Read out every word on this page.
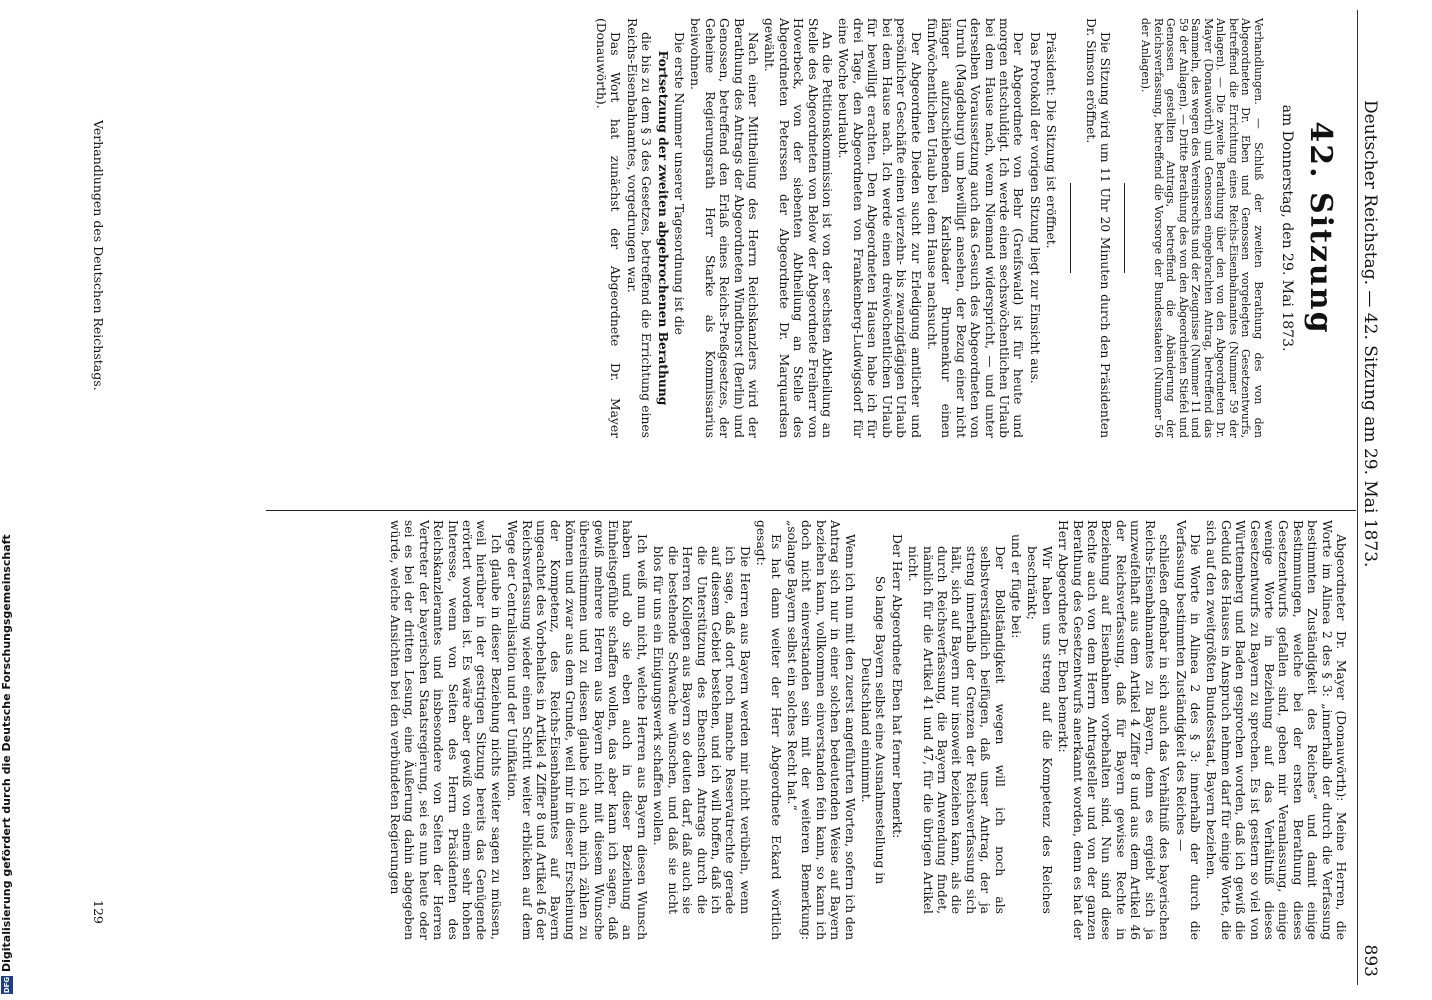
Deutscher Reichstag. — 42. Sitzung am 29. Mai 1873.
893
42. Sitzung
am Donnerstag, den 29. Mai 1873.

Verhandlungen. — Schluß der zweiten Berathung des von den Abgeordneten Dr. Eben und Genossen vorgelegten Gesetzentwurfs, betreffend die Errichtung eines Reichs-Eisenbahnamtes (Nummer 59 der Anlagen). — Die zweite Berathung über den von den Abgeordneten Dr. Mayer (Donauwörth) und Genossen eingebrachten Antrag, betreffend das Sammeln, des wegen des Vereinsrechts und der Zeugnisse (Nummer 11 und 59 der Anlagen). — Dritte Berathung des von den Abgeordneten Stiefel und Genossen gestellten Antrags, betreffend die Abänderung der Reichsverfassung, betreffend die Vorsorge der Bundesstaaten (Nummer 56 der Anlagen).

Die Sitzung wird um 11 Uhr 20 Minuten durch den Präsidenten Dr. Simson eröffnet.

Präsident: Die Sitzung ist eröffnet.

Das Protokoll der vorigen Sitzung liegt zur Einsicht aus.

Der Abgeordnete von Behr (Greifswald) ist für heute und morgen entschuldigt. Ich werde einen sechswöchentlichen Urlaub bei dem Hause nach, wenn Niemand widerspricht, — und unter derselben Voraussetzung auch das Gesuch des Abgeordneten von Unruh (Magdeburg) um bewilligt ansehen, der Bezug einer nicht länger aufzuschiebenden Karlsbader Brunnenkur einen fünfwöchentlichen Urlaub bei dem Hause nachsucht.

Der Abgeordnete Dieden sucht zur Erledigung amtlicher und persönlicher Geschäfte einen vierzehn- bis zwanzigtägigen Urlaub bei dem Hause nach. Ich werde einen dreiwöchentlichen Urlaub für bewilligt erachten. Den Abgeordneten Hausen habe ich für drei Tage, den Abgeordneten von Frankenberg-Ludwigsdorf für eine Woche beurlaubt.

An die Petitionskommission ist von der sechsten Abtheilung an Stelle des Abgeordneten von Below der Abgeordnete Freiherr von Hoverbeck, von der siebenten Abtheilung an Stelle des Abgeordneten Peterssen der Abgeordnete Dr. Marquardsen gewählt.

Nach einer Mittheilung des Herrn Reichskanzlers wird der Berathung des Antrags der Abgeordneten Windthorst (Berlin) und Genossen, betreffend den Erlaß eines Reichs-Preßgesetzes, der Geheime Regierungsrath Herr Starke als Kommissarius beiwohnen.

Die erste Nummer unserer Tagesordnung ist die

Fortsetzung der zweiten abgebrochenen Berathung

die bis zu dem § 3 des Gesetzes, betreffend die Errichtung eines Reichs-Eisenbahnamtes, vorgedrungen war.

Das Wort hat zunächst der Abgeordnete Dr. Mayer (Donauwörth).

Abgeordneter Dr. Mayer (Donauwörth): Meine Herren, die Worte im Alinea 2 des § 3: „innerhalb der durch die Verfassung bestimmten Zuständigkeit des Reiches“ und damit einige Bestimmungen, welche bei der ersten Berathung dieses Gesetzentwurfs gefallen sind, geben mir Veranlassung, einige wenige Worte in Beziehung auf das Verhältniß dieses Gesetzentwurfs zu Bayern zu sprechen. Es ist gestern so viel von Württemberg und Baden gesprochen worden, daß ich gewiß die Geduld des Hauses in Anspruch nehmen darf für einige Worte, die sich auf den zweitgrößten Bundesstaat, Bayern beziehen.

Die Worte in Alinea 2 des § 3: innerhalb der durch die Verfassung bestimmten Zuständigkeit des Reiches —

schließen offenbar in sich auch das Verhältniß des bayerischen Reichs-Eisenbahnamtes zu Bayern, denn es ergiebt sich ja unzweifelhaft aus dem Artikel 4 Ziffer 8 und aus dem Artikel 46 der Reichsverfassung, daß für Bayern gewisse Rechte in Beziehung auf Eisenbahnen vorbehalten sind. Nun sind diese Rechte auch von dem Herrn Antragsteller und von der ganzen Berathung des Gesetzentwurfs anerkannt worden, denn es hat der Herr Abgeordnete Dr. Eben bemerkt:

Wir haben uns streng auf die Kompetenz des Reiches beschränkt;

und er fügte bei:

Der Bollständigkeit wegen will ich noch als selbstverständlich beifügen, daß unser Antrag, der ja streng innerhalb der Grenzen der Reichsverfassung sich hält, sich auf Bayern nur insoweit beziehen kann, als die durch Reichsverfassung, die Bayern Anwendung findet, nämlich für die Artikel 41 und 47, für die übrigen Artikel nicht.

Der Herr Abgeordnete Eben hat ferner bemerkt:

So lange Bayern selbst eine Ausnahmestellung in Deutschland einnimmt.

Wenn ich nun mit den zuerst angeführten Worten, sofern ich den Antrag sich nur in einer solchen bedeutenden Weise auf Bayern beziehen kann, vollkommen einverstanden fein kann, so kann ich doch nicht einverstanden sein mit der weiteren Bemerkung: „solange Bayern selbst ein solches Recht hat.“

Es hat dann weiter der Herr Abgeordnete Eckard wörtlich gesagt:

Die Herren aus Bayern werden mir nicht verübeln, wenn ich sage, daß dort noch manche Reservatrechte gerade auf diesem Gebiet bestehen, und ich will hoffen, daß ich die Unterstützung des Ebenschen Antrags durch die Herren Kollegen aus Bayern so deuten darf, daß auch sie die bestehende Schwache wünschen, und daß sie nicht blos für uns ein Einigungswerk schaffen wollen.

Ich weiß nun nicht, welche Herren aus Bayern diesen Wunsch haben und ob sie eben auch in dieser Beziehung an Einheitsgefühle schaffen wollen, das aber kann ich sagen, daß gewiß mehrere Herren aus Bayern nicht mit diesem Wunsche übereinstimmen und zu diesen glaube ich auch mich zählen zu können und zwar aus dem Grunde, weil mir in dieser Erscheinung der Kompetenz, des Reichs-Eisenbahnamtes auf Bayern ungeachtet des Vorbehaltes in Artikel 4 Ziffer 8 und Artikel 46 der Reichsverfassung wieder einen Schritt weiter erblicken auf dem Wege der Centralisation und der Unifikation.

Ich glaube in dieser Beziehung nichts weiter sagen zu müssen, weil hierüber in der gestrigen Sitzung bereits das Genügende erörtert worden ist. Es wäre aber gewiß von einem sehr hohen Interesse, wenn von Seiten des Herrn Präsidenten des Reichskanzleramtes und insbesondere von Seiten der Herren Vertreter der bayerischen Staatsregierung, sei es nun heute oder sei es bei der dritten Lesung, eine Äußerung dahin abgegeben würde, welche Ansichten bei den verbündeten Regierungen

Verhandlungen des Deutschen Reichstags.
129
DFGDigitalisierung gefördert durch die Deutsche Forschungsgemeinschaft
